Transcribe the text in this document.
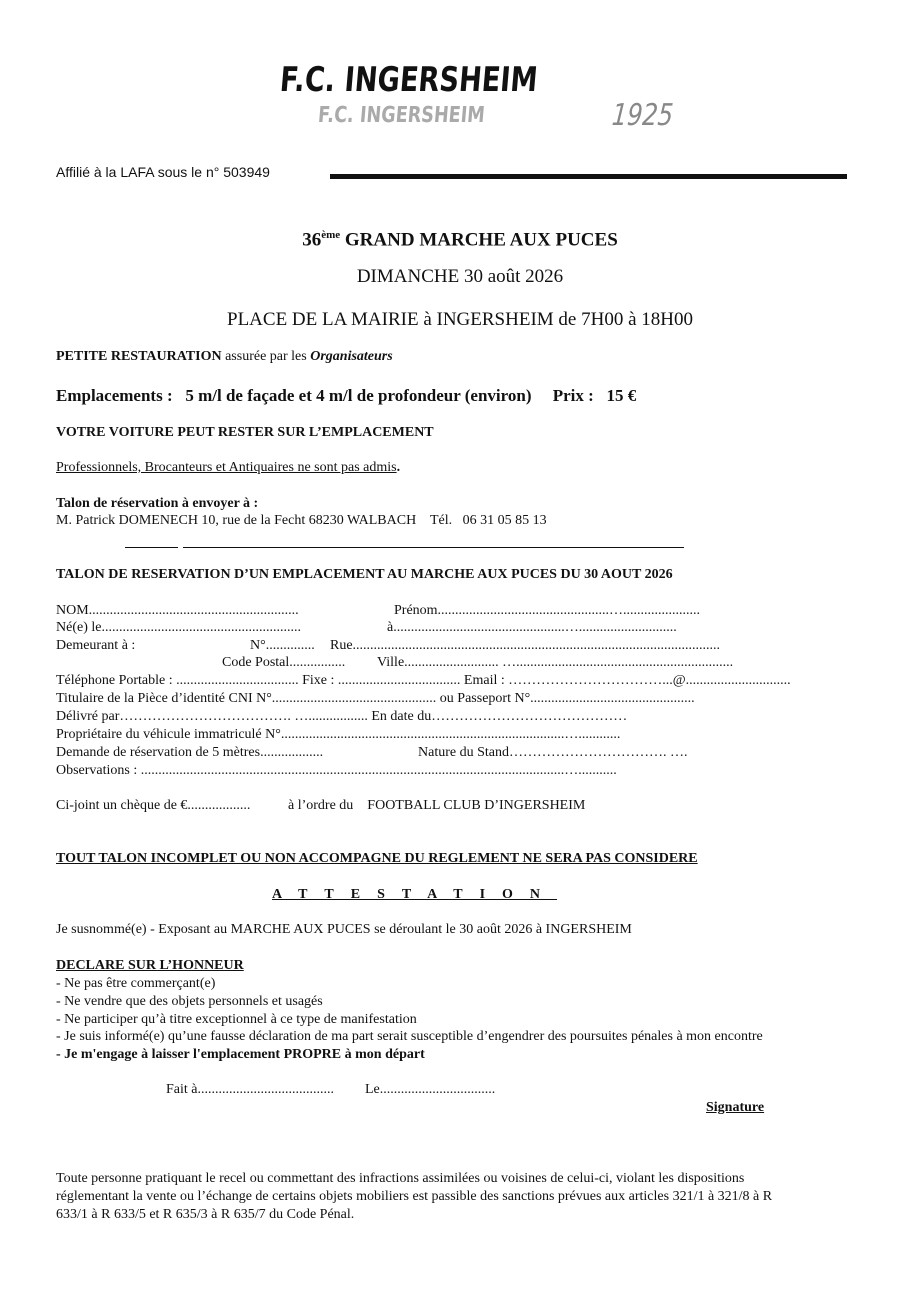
F.C. INGERSHEIM
F.C. INGERSHEIM	1925
Affilié à la LAFA sous le n° 503949
36ème GRAND MARCHE AUX PUCES
DIMANCHE 30 août 2026
PLACE DE LA MAIRIE à INGERSHEIM de 7H00 à 18H00
PETITE RESTAURATION assurée par les Organisateurs
Emplacements :   5 m/l de façade et 4 m/l de profondeur (environ)     Prix :   15 €
VOTRE VOITURE PEUT RESTER SUR L’EMPLACEMENT
Professionnels, Brocanteurs et Antiquaires ne sont pas admis.
Talon de réservation à envoyer à :
M. Patrick DOMENECH 10, rue de la Fecht 68230 WALBACH    Tél.   06 31 05 85 13
TALON DE RESERVATION D’UN EMPLACEMENT AU MARCHE AUX PUCES DU 30 AOUT 2026
NOM............................................................	Prénom.................................................…......................
Né(e) le.........................................................	à.................................................…............................
Demeurant à :	N°.............. Rue.........................................................................................................
Code Postal................ Ville........................... …..............................................................
Téléphone Portable : ................................... Fixe : ................................... Email : ……………………………...@..............................
Titulaire de la Pièce d’identité CNI N°............................................... ou Passeport N°...............................................
Délivré par………………………………. …................. En date du……………………………………
Propriétaire du véhicule immatriculé N°.................................................................................…............
Demande de réservation de 5 mètres..................	Nature du Stand……………………………. ….
Observations : .........................................................................................................................…...........
Ci-joint un chèque de €..................	à l’ordre du    FOOTBALL CLUB D’INGERSHEIM
TOUT TALON INCOMPLET OU NON ACCOMPAGNE DU REGLEMENT NE SERA PAS CONSIDERE
ATTESTATION
Je susnommé(e) - Exposant au MARCHE AUX PUCES se déroulant le 30 août 2026 à INGERSHEIM
DECLARE SUR L’HONNEUR
- Ne pas être commerçant(e)
- Ne vendre que des objets personnels et usagés
- Ne participer qu’à titre exceptionnel à ce type de manifestation
- Je suis informé(e) qu’une fausse déclaration de ma part serait susceptible d’engendrer des poursuites pénales à mon encontre
- Je m'engage à laisser l'emplacement PROPRE à mon départ
Fait à....................................... Le.................................
Signature
Toute personne pratiquant le recel ou commettant des infractions assimilées ou voisines de celui-ci, violant les dispositions
réglementant la vente ou l’échange de certains objets mobiliers est passible des sanctions prévues aux articles 321/1 à 321/8 à R
633/1 à R 633/5 et R 635/3 à R 635/7 du Code Pénal.
